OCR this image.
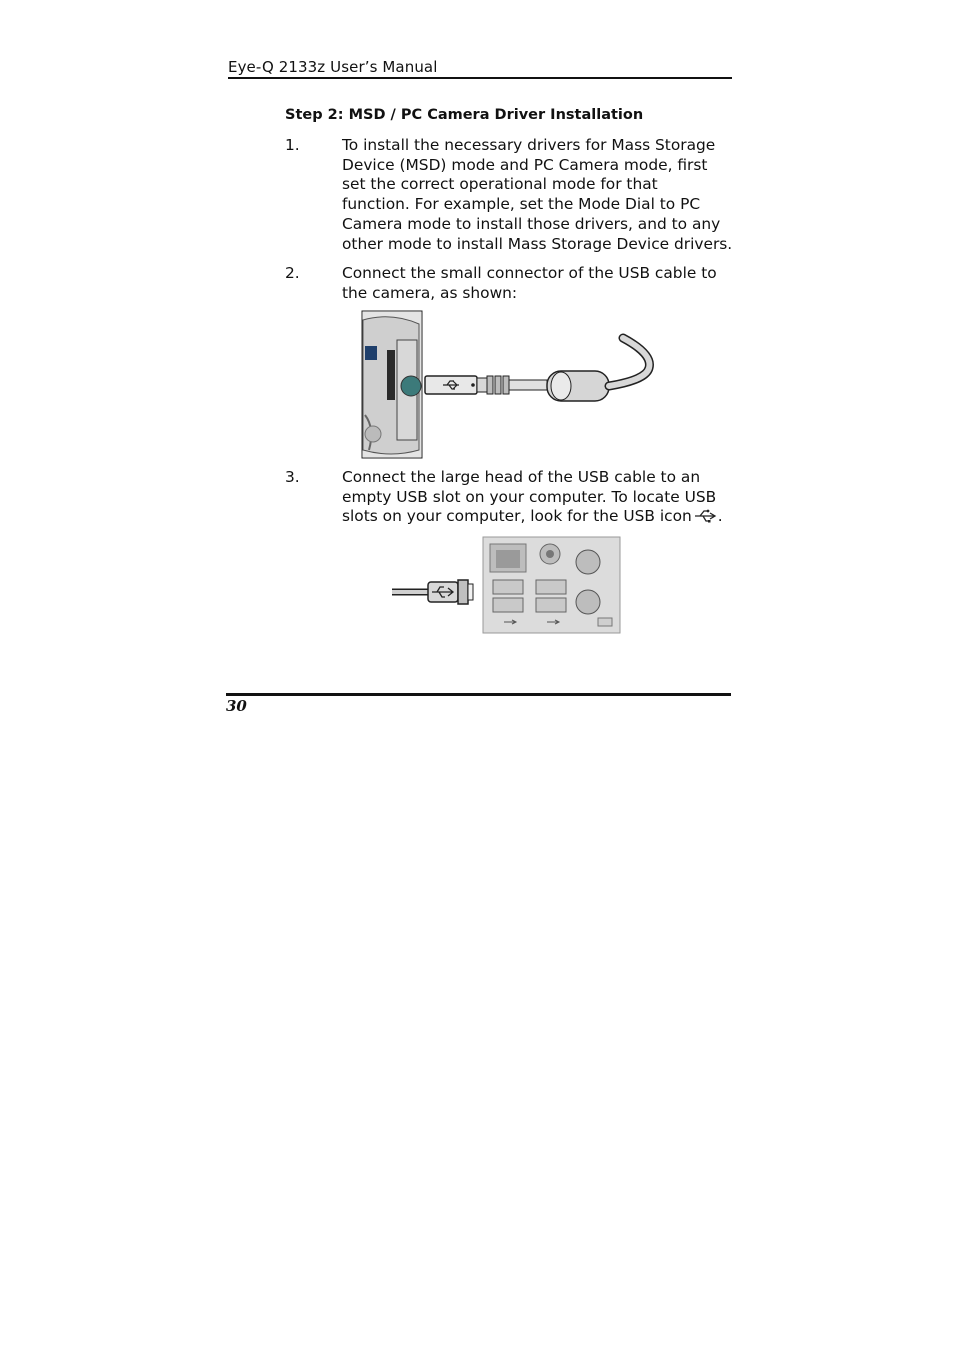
Eye-Q 2133z User’s Manual
Step 2: MSD / PC Camera Driver Installation
1.	To install the necessary drivers for Mass Storage
Device (MSD) mode and PC Camera mode, first
set the correct operational mode for that
function. For example, set the Mode Dial to PC
Camera mode to install those drivers, and to any
other mode to install Mass Storage Device drivers.
2.	Connect the small connector of the USB cable to
the camera, as shown:
3.	Connect the large head of the USB cable to an
empty USB slot on your computer. To locate USB
slots on your computer, look for the USB icon .
30
